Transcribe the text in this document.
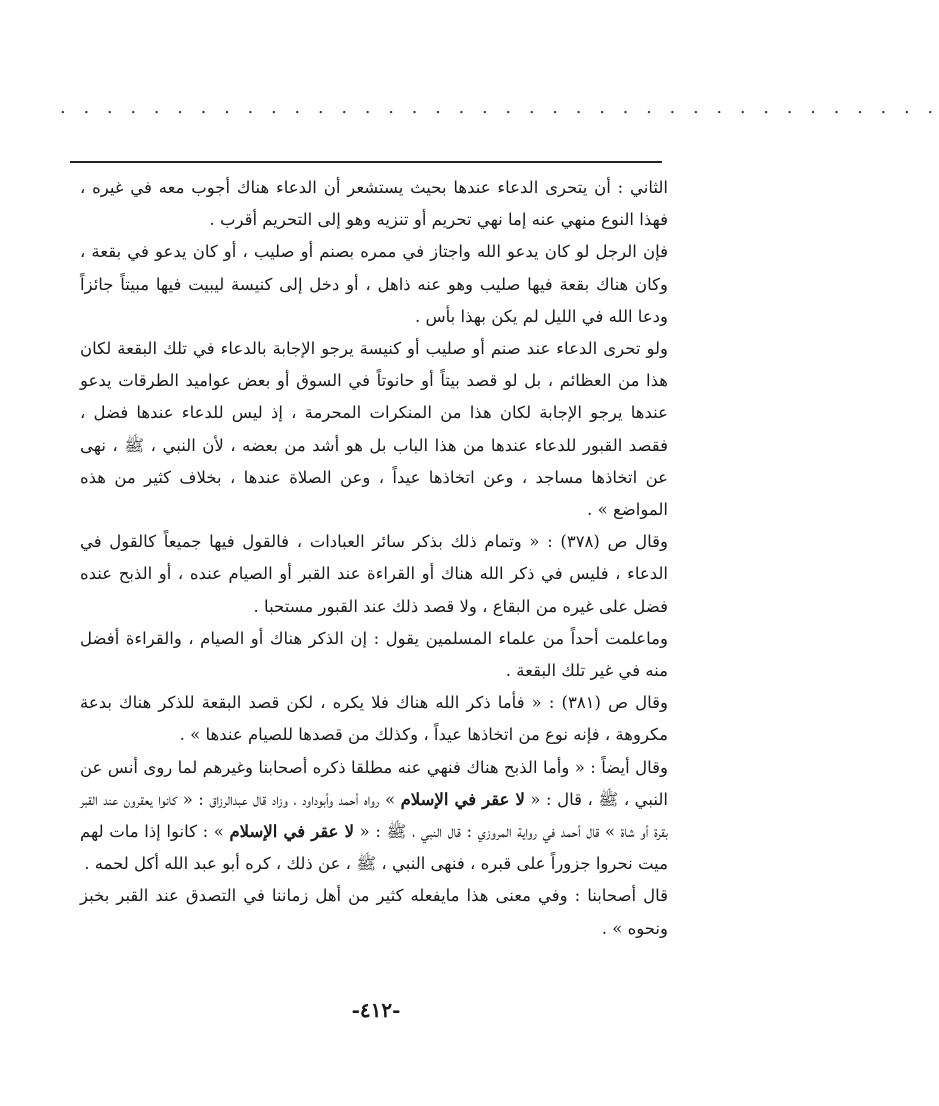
. . . . . . . . . . . . . . . . . . . . . . . . . . . . . . . . . . . . . .

الثاني : أن يتحرى الدعاء عندها بحيث يستشعر أن الدعاء هناك أجوب معه في غيره ، فهذا النوع منهي عنه إما نهي تحريم أو تنزيه وهو إلى التحريم أقرب .

فإن الرجل لو كان يدعو الله واجتاز في ممره بصنم أو صليب ، أو كان يدعو في بقعة ، وكان هناك بقعة فيها صليب وهو عنه ذاهل ، أو دخل إلى كنيسة ليبيت فيها مبيتاً جائزاً ودعا الله في الليل لم يكن بهذا بأس .

ولو تحرى الدعاء عند صنم أو صليب أو كنيسة يرجو الإجابة بالدعاء في تلك البقعة لكان هذا من العظائم ، بل لو قصد بيتاً أو حانوتاً في السوق أو بعض عواميد الطرقات يدعو عندها يرجو الإجابة لكان هذا من المنكرات المحرمة ، إذ ليس للدعاء عندها فضل ، فقصد القبور للدعاء عندها من هذا الباب بل هو أشد من بعضه ، لأن النبي ، ﷺ ، نهى عن اتخاذها مساجد ، وعن اتخاذها عيداً ، وعن الصلاة عندها ، بخلاف كثير من هذه المواضع » .

وقال ص (٣٧٨) : « وتمام ذلك بذكر سائر العبادات ، فالقول فيها جميعاً كالقول في الدعاء ، فليس في ذكر الله هناك أو القراءة عند القبر أو الصيام عنده ، أو الذبح عنده فضل على غيره من البقاع ، ولا قصد ذلك عند القبور مستحبا .

وماعلمت أحداً من علماء المسلمين يقول : إن الذكر هناك أو الصيام ، والقراءة أفضل منه في غير تلك البقعة .

وقال ص (٣٨١) : « فأما ذكر الله هناك فلا يكره ، لكن قصد البقعة للذكر هناك بدعة مكروهة ، فإنه نوع من اتخاذها عيداً ، وكذلك من قصدها للصيام عندها » .

وقال أيضاً : « وأما الذبح هناك فنهي عنه مطلقا ذكره أصحابنا وغيرهم لما روى أنس عن النبي ، ﷺ ، قال : « لا عقر في الإسلام » رواه أحمد وأبوداود ، وزاد قال عبدالرزاق : « كانوا يعقرون عند القبر بقرة أو شاة » قال أحمد في رواية المروزي : قال النبي ، ﷺ : « لا عقر في الإسلام » : كانوا إذا مات لهم ميت نحروا جزوراً على قبره ، فنهى النبي ، ﷺ ، عن ذلك ، كره أبو عبد الله أكل لحمه .

قال أصحابنا : وفي معنى هذا مايفعله كثير من أهل زماننا في التصدق عند القبر بخبز ونحوه » .

-٤١٢-
